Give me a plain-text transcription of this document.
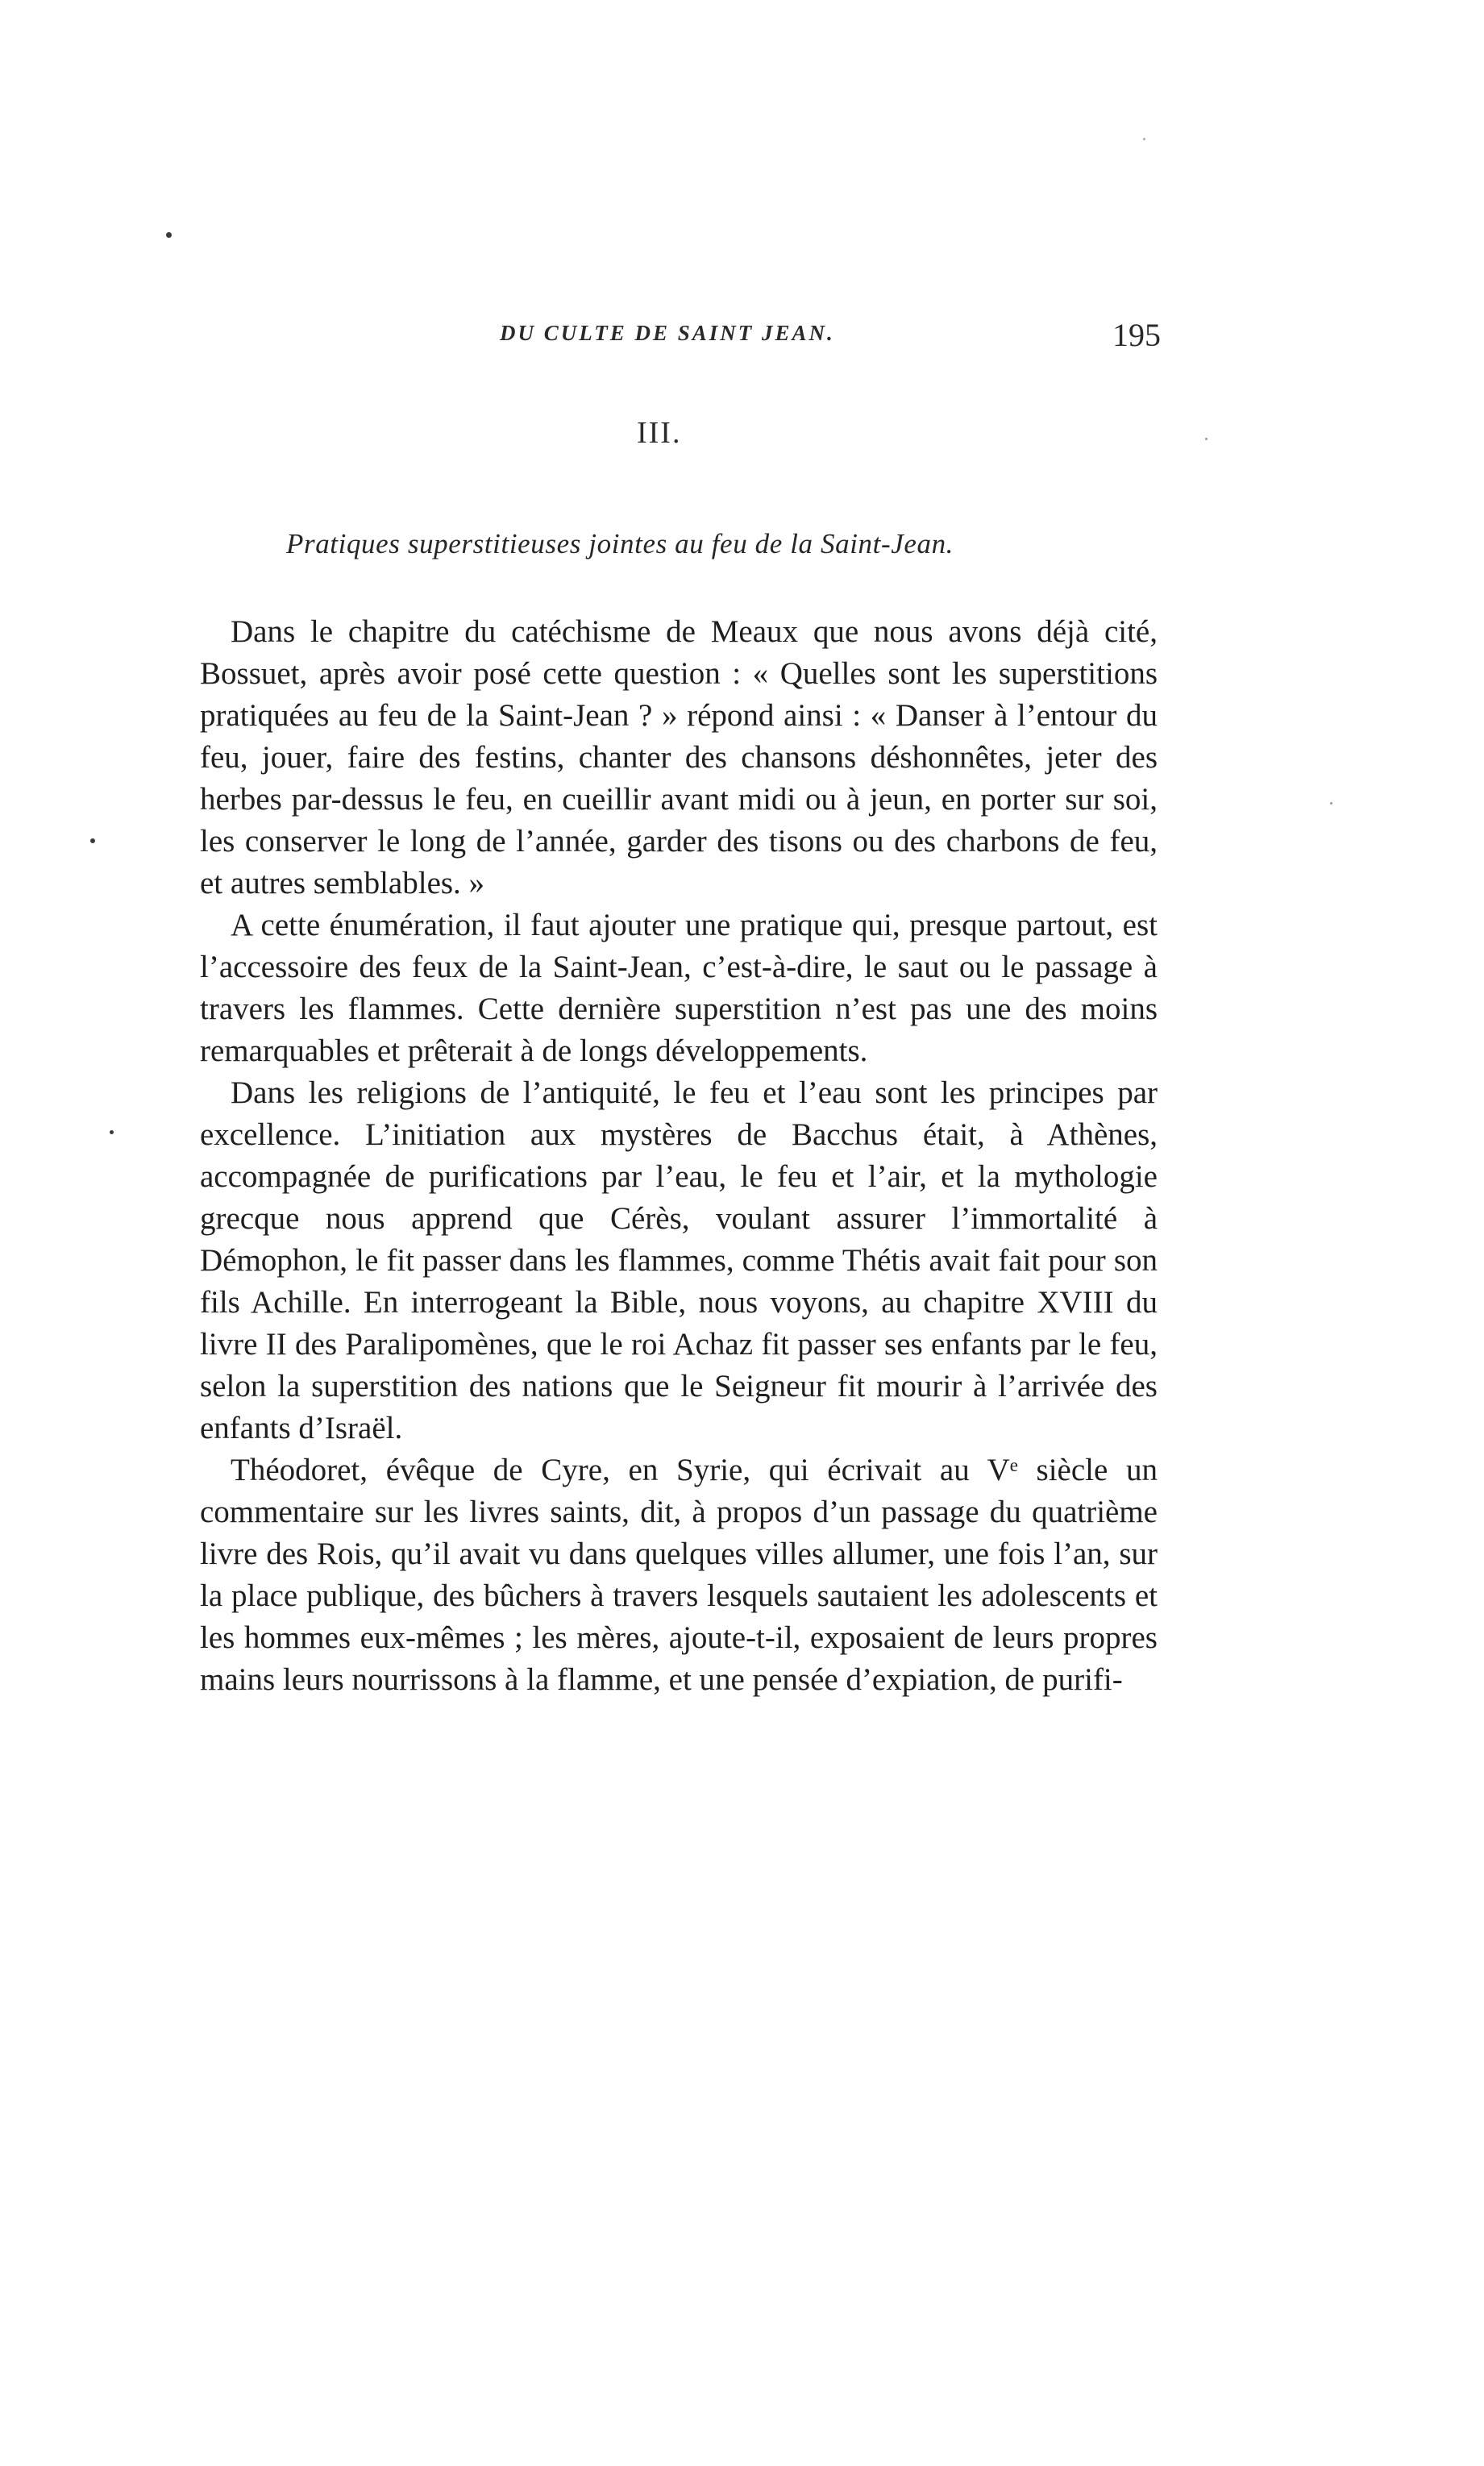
DU CULTE DE SAINT JEAN.	195
III.
Pratiques superstitieuses jointes au feu de la Saint-Jean.

Dans le chapitre du catéchisme de Meaux que nous avons déjà cité, Bossuet, après avoir posé cette question : « Quelles sont les superstitions pratiquées au feu de la Saint-Jean ? » répond ainsi : « Danser à l’entour du feu, jouer, faire des festins, chanter des chansons déshonnêtes, jeter des herbes par-dessus le feu, en cueillir avant midi ou à jeun, en porter sur soi, les conserver le long de l’année, garder des tisons ou des charbons de feu, et autres semblables. »

A cette énumération, il faut ajouter une pratique qui, presque partout, est l’accessoire des feux de la Saint-Jean, c’est-à-dire, le saut ou le passage à travers les flammes. Cette dernière superstition n’est pas une des moins remarquables et prêterait à de longs développements.

Dans les religions de l’antiquité, le feu et l’eau sont les principes par excellence. L’initiation aux mystères de Bacchus était, à Athènes, accompagnée de purifications par l’eau, le feu et l’air, et la mythologie grecque nous apprend que Cérès, voulant assurer l’immortalité à Démophon, le fit passer dans les flammes, comme Thétis avait fait pour son fils Achille. En interrogeant la Bible, nous voyons, au chapitre XVIII du livre II des Paralipomènes, que le roi Achaz fit passer ses enfants par le feu, selon la superstition des nations que le Seigneur fit mourir à l’arrivée des enfants d’Israël.

Théodoret, évêque de Cyre, en Syrie, qui écrivait au Vᵉ siècle un commentaire sur les livres saints, dit, à propos d’un passage du quatrième livre des Rois, qu’il avait vu dans quelques villes allumer, une fois l’an, sur la place publique, des bûchers à travers lesquels sautaient les adolescents et les hommes eux-mêmes ; les mères, ajoute-t-il, exposaient de leurs propres mains leurs nourrissons à la flamme, et une pensée d’expiation, de purifi-
